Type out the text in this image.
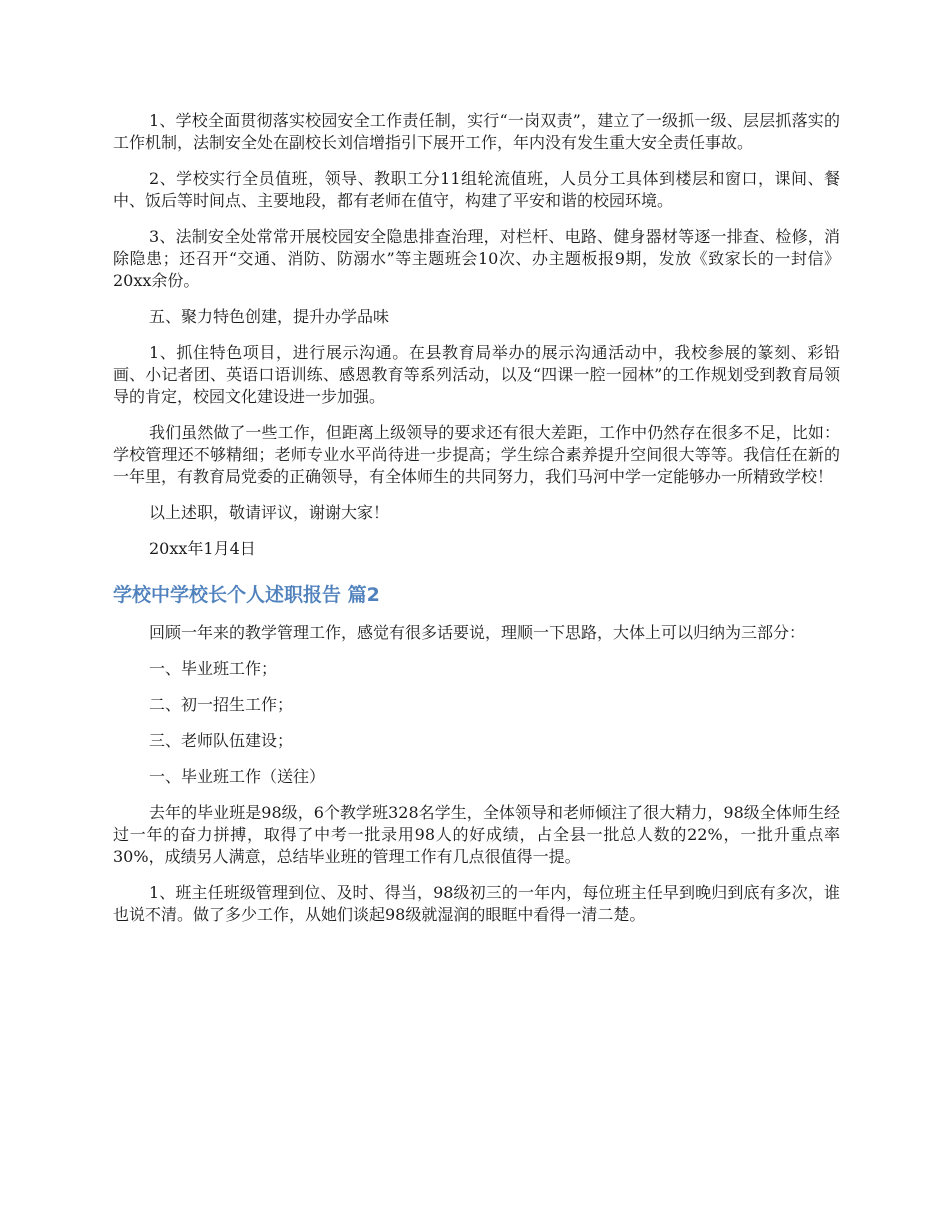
1、学校全面贯彻落实校园安全工作责任制，实行“一岗双责”，建立了一级抓一级、层层抓落实的工作机制，法制安全处在副校长刘信增指引下展开工作，年内没有发生重大安全责任事故。

2、学校实行全员值班，领导、教职工分11组轮流值班，人员分工具体到楼层和窗口，课间、餐中、饭后等时间点、主要地段，都有老师在值守，构建了平安和谐的校园环境。

3、法制安全处常常开展校园安全隐患排查治理，对栏杆、电路、健身器材等逐一排查、检修，消除隐患；还召开“交通、消防、防溺水”等主题班会10次、办主题板报9期，发放《致家长的一封信》20xx余份。

五、聚力特色创建，提升办学品味

1、抓住特色项目，进行展示沟通。在县教育局举办的展示沟通活动中，我校参展的篆刻、彩铅画、小记者团、英语口语训练、感恩教育等系列活动，以及“四课一腔一园林”的工作规划受到教育局领导的肯定，校园文化建设进一步加强。

我们虽然做了一些工作，但距离上级领导的要求还有很大差距，工作中仍然存在很多不足，比如：学校管理还不够精细；老师专业水平尚待进一步提高；学生综合素养提升空间很大等等。我信任在新的一年里，有教育局党委的正确领导，有全体师生的共同努力，我们马河中学一定能够办一所精致学校！

以上述职，敬请评议，谢谢大家！

20xx年1月4日

学校中学校长个人述职报告 篇2

回顾一年来的教学管理工作，感觉有很多话要说，理顺一下思路，大体上可以归纳为三部分：

一、毕业班工作；

二、初一招生工作；

三、老师队伍建设；

一、毕业班工作（送往）

去年的毕业班是98级，6个教学班328名学生，全体领导和老师倾注了很大精力，98级全体师生经过一年的奋力拼搏，取得了中考一批录用98人的好成绩，占全县一批总人数的22%，一批升重点率30%，成绩另人满意，总结毕业班的管理工作有几点很值得一提。

1、班主任班级管理到位、及时、得当，98级初三的一年内，每位班主任早到晚归到底有多次，谁也说不清。做了多少工作，从她们谈起98级就湿润的眼眶中看得一清二楚。
